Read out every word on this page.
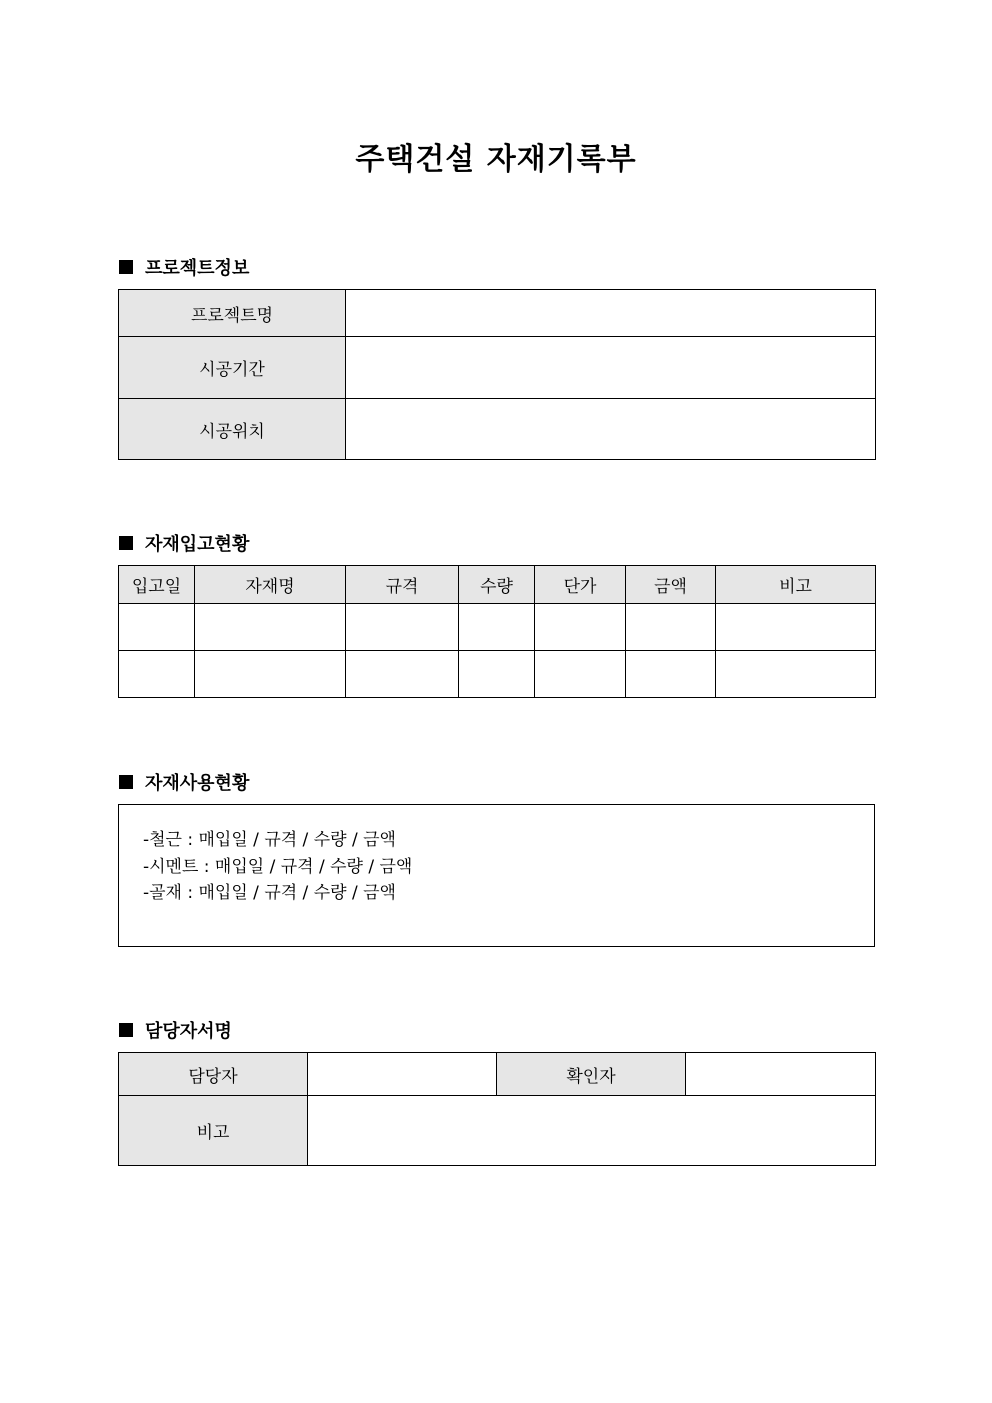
주택건설 자재기록부
프로젝트정보
프로젝트명	
시공기간	
시공위치	
자재입고현황
입고일	자재명	규격	수량	단가	금액	비고

자재사용현황
-철근 : 매입일 / 규격 / 수량 / 금액
-시멘트 : 매입일 / 규격 / 수량 / 금액
-골재 : 매입일 / 규격 / 수량 / 금액
담당자서명
담당자		확인자	
비고			
